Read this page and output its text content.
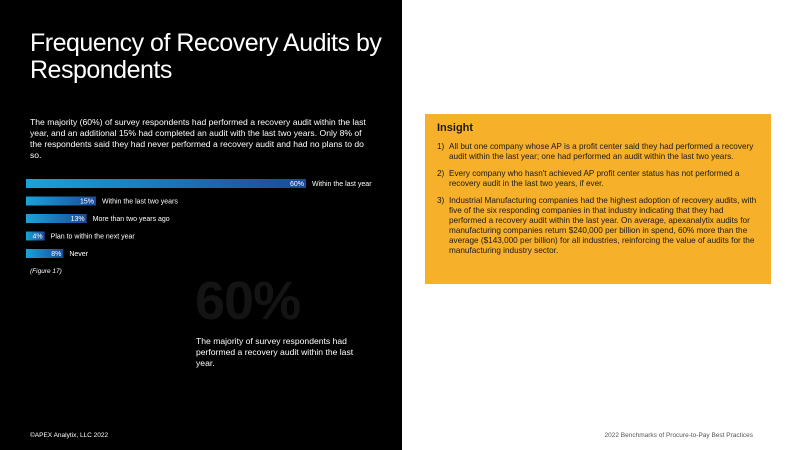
Frequency of Recovery Audits by Respondents

The majority (60%) of survey respondents had performed a recovery audit within the last year, and an additional 15% had completed an audit with the last two years. Only 8% of the respondents said they had never performed a recovery audit and had no plans to do so.

60% Within the last year
15% Within the last two years
13% More than two years ago
4% Plan to within the next year
8% Never
(Figure 17) 60%

The majority of survey respondents had performed a recovery audit within the last year.

©APEX Analytix, LLC 2022
Insight
1) All but one company whose AP is a profit center said they had performed a recovery audit within the last year; one had performed an audit within the last two years.
2) Every company who hasn't achieved AP profit center status has not performed a recovery audit in the last two years, if ever.
3) Industrial Manufacturing companies had the highest adoption of recovery audits, with five of the six responding companies in that industry indicating that they had performed a recovery audit within the last year. On average, apexanalytix audits for manufacturing companies return $240,000 per billion in spend, 60% more than the average ($143,000 per billion) for all industries, reinforcing the value of audits for the manufacturing industry sector.
2022 Benchmarks of Procure-to-Pay Best Practices
